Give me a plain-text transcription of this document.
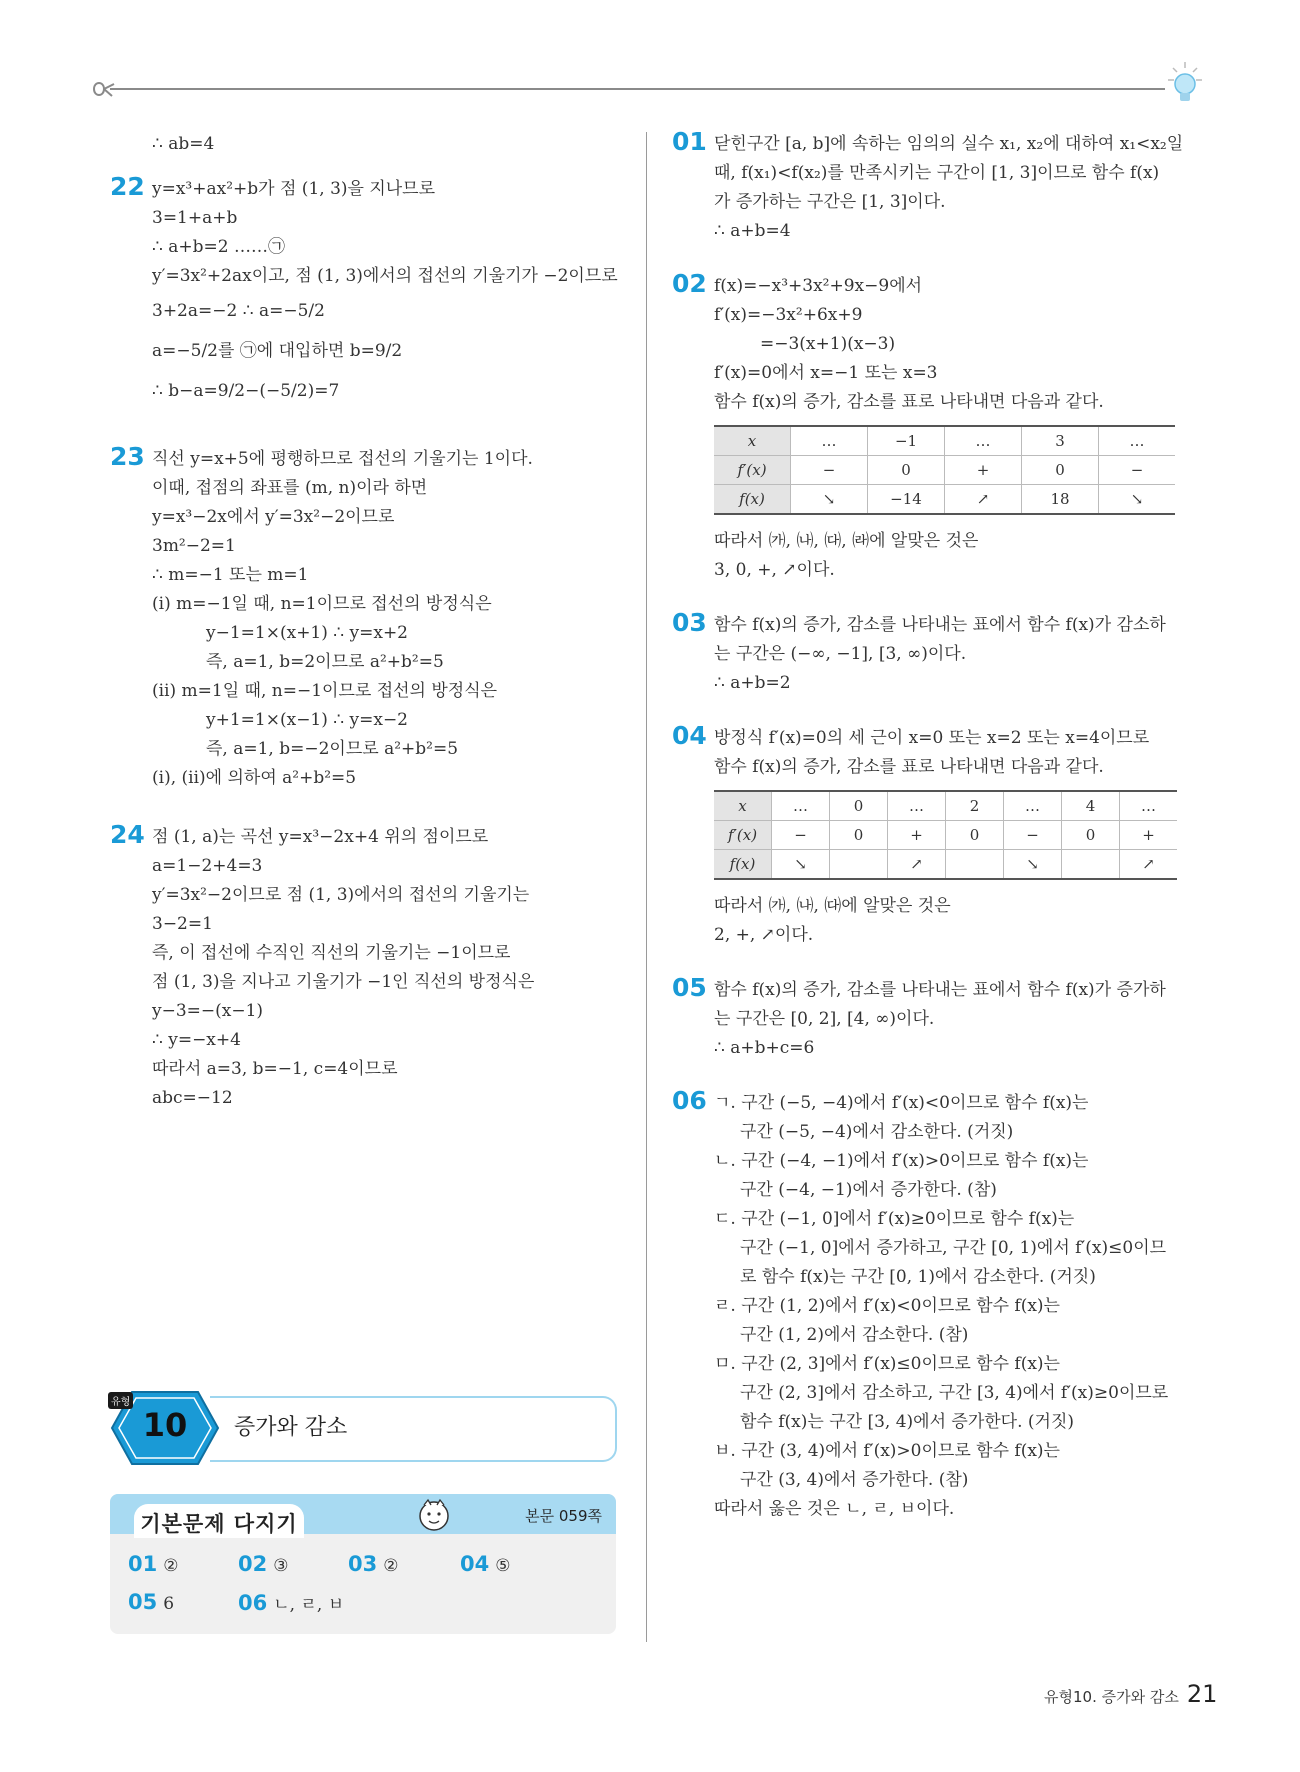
∴ ab=4

22 y=x³+ax²+b가 점 (1, 3)을 지나므로

3=1+a+b

∴ a+b=2 ……㉠

y′=3x²+2ax이고, 점 (1, 3)에서의 접선의 기울기가 −2이므로

3+2a=−2 ∴ a=−5/2

a=−5/2를 ㉠에 대입하면 b=9/2

∴ b−a=9/2−(−5/2)=7

23 직선 y=x+5에 평행하므로 접선의 기울기는 1이다.

이때, 접점의 좌표를 (m, n)이라 하면

y=x³−2x에서 y′=3x²−2이므로

3m²−2=1

∴ m=−1 또는 m=1

(ⅰ) m=−1일 때, n=1이므로 접선의 방정식은

y−1=1×(x+1) ∴ y=x+2

즉, a=1, b=2이므로 a²+b²=5

(ⅱ) m=1일 때, n=−1이므로 접선의 방정식은

y+1=1×(x−1) ∴ y=x−2

즉, a=1, b=−2이므로 a²+b²=5

(ⅰ), (ⅱ)에 의하여 a²+b²=5

24 점 (1, a)는 곡선 y=x³−2x+4 위의 점이므로

a=1−2+4=3

y′=3x²−2이므로 점 (1, 3)에서의 접선의 기울기는

3−2=1

즉, 이 접선에 수직인 직선의 기울기는 −1이므로

점 (1, 3)을 지나고 기울기가 −1인 직선의 방정식은

y−3=−(x−1)

∴ y=−x+4

따라서 a=3, b=−1, c=4이므로

abc=−12

10
유형
증가와 감소
기본문제 다지기	본문 059쪽
01 ②	02 ③	03 ②	04 ⑤
05 6	06 ㄴ, ㄹ, ㅂ
01 닫힌구간 [a, b]에 속하는 임의의 실수 x₁, x₂에 대하여 x₁<x₂일

때, f(x₁)<f(x₂)를 만족시키는 구간이 [1, 3]이므로 함수 f(x)

가 증가하는 구간은 [1, 3]이다.

∴ a+b=4

02 f(x)=−x³+3x²+9x−9에서

f′(x)=−3x²+6x+9

=−3(x+1)(x−3)

f′(x)=0에서 x=−1 또는 x=3

함수 f(x)의 증가, 감소를 표로 나타내면 다음과 같다.

x	…	−1	…	3	…
f′(x)	−	0	+	0	−
f(x)	↘	−14	↗	18	↘

따라서 ㈎, ㈏, ㈐, ㈑에 알맞은 것은

3, 0, +, ↗이다.

03 함수 f(x)의 증가, 감소를 나타내는 표에서 함수 f(x)가 감소하

는 구간은 (−∞, −1], [3, ∞)이다.

∴ a+b=2

04 방정식 f′(x)=0의 세 근이 x=0 또는 x=2 또는 x=4이므로

함수 f(x)의 증가, 감소를 표로 나타내면 다음과 같다.

x	…	0	…	2	…	4	…
f′(x)	−	0	+	0	−	0	+
f(x)	↘		↗		↘		↗

따라서 ㈎, ㈏, ㈐에 알맞은 것은

2, +, ↗이다.

05 함수 f(x)의 증가, 감소를 나타내는 표에서 함수 f(x)가 증가하

는 구간은 [0, 2], [4, ∞)이다.

∴ a+b+c=6

06 ㄱ. 구간 (−5, −4)에서 f′(x)<0이므로 함수 f(x)는

구간 (−5, −4)에서 감소한다. (거짓)

ㄴ. 구간 (−4, −1)에서 f′(x)>0이므로 함수 f(x)는

구간 (−4, −1)에서 증가한다. (참)

ㄷ. 구간 (−1, 0]에서 f′(x)≥0이므로 함수 f(x)는

구간 (−1, 0]에서 증가하고, 구간 [0, 1)에서 f′(x)≤0이므

로 함수 f(x)는 구간 [0, 1)에서 감소한다. (거짓)

ㄹ. 구간 (1, 2)에서 f′(x)<0이므로 함수 f(x)는

구간 (1, 2)에서 감소한다. (참)

ㅁ. 구간 (2, 3]에서 f′(x)≤0이므로 함수 f(x)는

구간 (2, 3]에서 감소하고, 구간 [3, 4)에서 f′(x)≥0이므로

함수 f(x)는 구간 [3, 4)에서 증가한다. (거짓)

ㅂ. 구간 (3, 4)에서 f′(x)>0이므로 함수 f(x)는

구간 (3, 4)에서 증가한다. (참)

따라서 옳은 것은 ㄴ, ㄹ, ㅂ이다.

유형10. 증가와 감소 21
